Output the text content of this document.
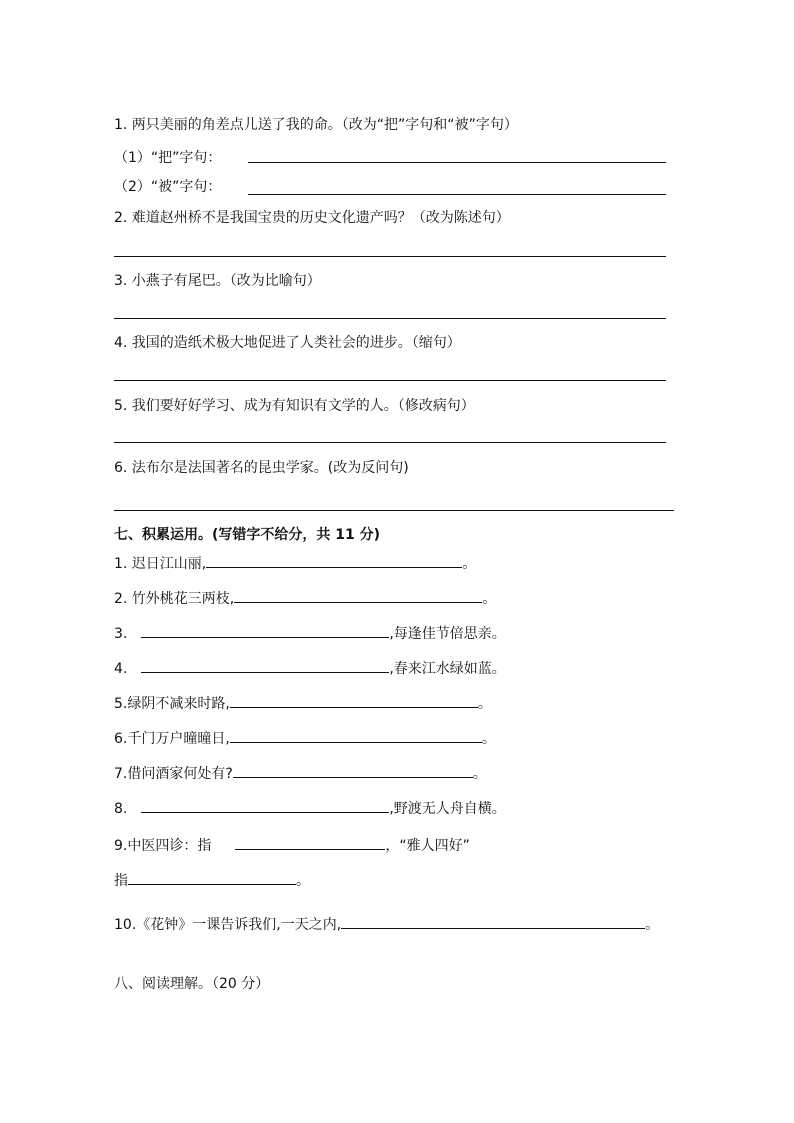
1. 两只美丽的角差点儿送了我的命。（改为“把”字句和“被”字句）
（1）“把”字句：
（2）“被”字句：
2. 难道赵州桥不是我国宝贵的历史文化遗产吗？（改为陈述句）
3. 小燕子有尾巴。（改为比喻句）
4. 我国的造纸术极大地促进了人类社会的进步。（缩句）
5. 我们要好好学习、成为有知识有文学的人。（修改病句）
6. 法布尔是法国著名的昆虫学家。(改为反问句)
七、积累运用。(写错字不给分，共 11 分)
1. 迟日江山丽,	。
2. 竹外桃花三两枝,	。
3.	,每逢佳节倍思亲。
4.	,春来江水绿如蓝。
5.绿阴不减来时路,	。
6.千门万户曈曈日,	。
7.借问酒家何处有?	。
8.	,野渡无人舟自横。
9.中医四诊：指	，“雅人四好”
指	。
10.《花钟》一课告诉我们,一天之内,	。
八、阅读理解。（20 分）
